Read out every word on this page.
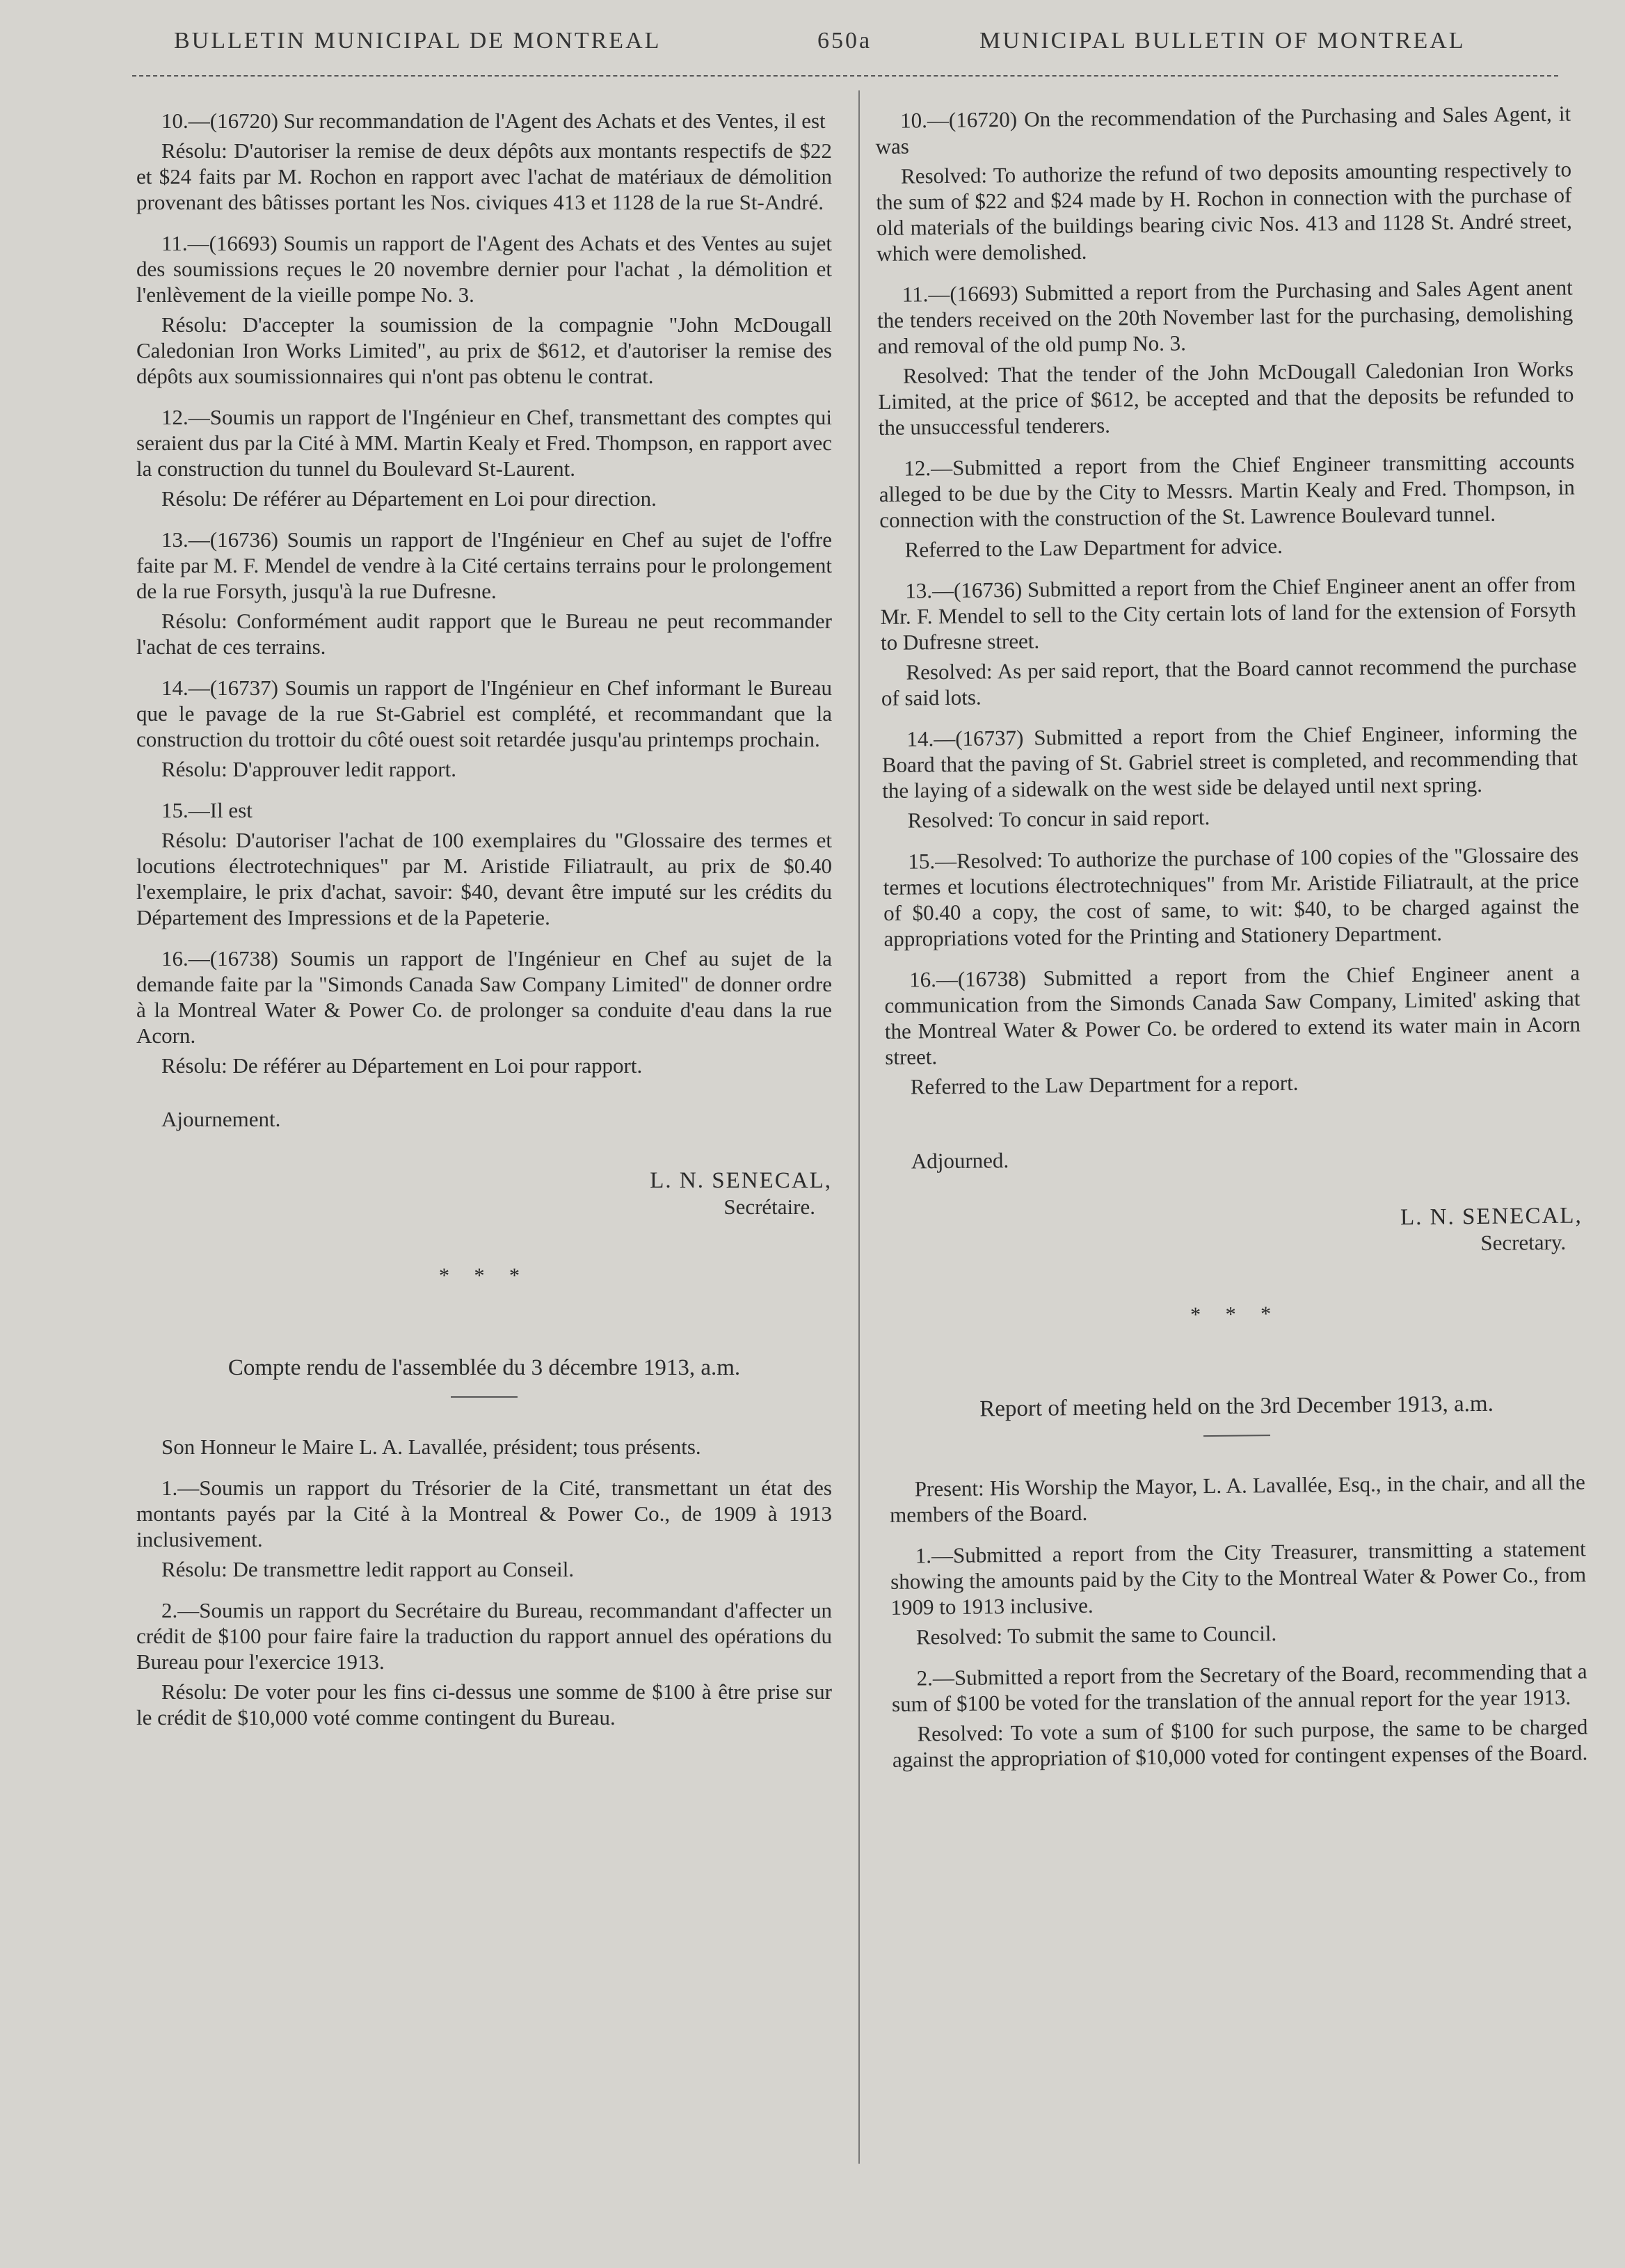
BULLETIN MUNICIPAL DE MONTREAL	650a	MUNICIPAL BULLETIN OF MONTREAL

10.—(16720) Sur recommandation de l'Agent des Achats et des Ventes, il est

Résolu: D'autoriser la remise de deux dépôts aux montants respectifs de $22 et $24 faits par M. Rochon en rapport avec l'achat de matériaux de démolition provenant des bâtisses portant les Nos. civiques 413 et 1128 de la rue St-André.

11.—(16693) Soumis un rapport de l'Agent des Achats et des Ventes au sujet des soumissions reçues le 20 novembre dernier pour l'achat , la démolition et l'enlèvement de la vieille pompe No. 3.

Résolu: D'accepter la soumission de la compagnie "John McDougall Caledonian Iron Works Limited", au prix de $612, et d'autoriser la remise des dépôts aux soumissionnaires qui n'ont pas obtenu le contrat.

12.—Soumis un rapport de l'Ingénieur en Chef, transmettant des comptes qui seraient dus par la Cité à MM. Martin Kealy et Fred. Thompson, en rapport avec la construction du tunnel du Boulevard St-Laurent.

Résolu: De référer au Département en Loi pour direction.

13.—(16736) Soumis un rapport de l'Ingénieur en Chef au sujet de l'offre faite par M. F. Mendel de vendre à la Cité certains terrains pour le prolongement de la rue Forsyth, jusqu'à la rue Dufresne.

Résolu: Conformément audit rapport que le Bureau ne peut recommander l'achat de ces terrains.

14.—(16737) Soumis un rapport de l'Ingénieur en Chef informant le Bureau que le pavage de la rue St-Gabriel est complété, et recommandant que la construction du trottoir du côté ouest soit retardée jusqu'au printemps prochain.

Résolu: D'approuver ledit rapport.

15.—Il est

Résolu: D'autoriser l'achat de 100 exemplaires du "Glossaire des termes et locutions électrotechniques" par M. Aristide Filiatrault, au prix de $0.40 l'exemplaire, le prix d'achat, savoir: $40, devant être imputé sur les crédits du Département des Impressions et de la Papeterie.

16.—(16738) Soumis un rapport de l'Ingénieur en Chef au sujet de la demande faite par la "Simonds Canada Saw Company Limited" de donner ordre à la Montreal Water & Power Co. de prolonger sa conduite d'eau dans la rue Acorn.

Résolu: De référer au Département en Loi pour rapport.

Ajournement.

L. N. SENECAL,
Secrétaire.
* * *

Compte rendu de l'assemblée du 3 décembre 1913, a.m.

Son Honneur le Maire L. A. Lavallée, président; tous présents.

1.—Soumis un rapport du Trésorier de la Cité, transmettant un état des montants payés par la Cité à la Montreal & Power Co., de 1909 à 1913 inclusivement.

Résolu: De transmettre ledit rapport au Conseil.

2.—Soumis un rapport du Secrétaire du Bureau, recommandant d'affecter un crédit de $100 pour faire faire la traduction du rapport annuel des opérations du Bureau pour l'exercice 1913.

Résolu: De voter pour les fins ci-dessus une somme de $100 à être prise sur le crédit de $10,000 voté comme contingent du Bureau.

10.—(16720) On the recommendation of the Purchasing and Sales Agent, it was

Resolved: To authorize the refund of two deposits amounting respectively to the sum of $22 and $24 made by H. Rochon in connection with the purchase of old materials of the buildings bearing civic Nos. 413 and 1128 St. André street, which were demolished.

11.—(16693) Submitted a report from the Purchasing and Sales Agent anent the tenders received on the 20th November last for the purchasing, demolishing and removal of the old pump No. 3.

Resolved: That the tender of the John McDougall Caledonian Iron Works Limited, at the price of $612, be accepted and that the deposits be refunded to the unsuccessful tenderers.

12.—Submitted a report from the Chief Engineer transmitting accounts alleged to be due by the City to Messrs. Martin Kealy and Fred. Thompson, in connection with the construction of the St. Lawrence Boulevard tunnel.

Referred to the Law Department for advice.

13.—(16736) Submitted a report from the Chief Engineer anent an offer from Mr. F. Mendel to sell to the City certain lots of land for the extension of Forsyth to Dufresne street.

Resolved: As per said report, that the Board cannot recommend the purchase of said lots.

14.—(16737) Submitted a report from the Chief Engineer, informing the Board that the paving of St. Gabriel street is completed, and recommending that the laying of a sidewalk on the west side be delayed until next spring.

Resolved: To concur in said report.

15.—Resolved: To authorize the purchase of 100 copies of the "Glossaire des termes et locutions électrotechniques" from Mr. Aristide Filiatrault, at the price of $0.40 a copy, the cost of same, to wit: $40, to be charged against the appropriations voted for the Printing and Stationery Department.

16.—(16738) Submitted a report from the Chief Engineer anent a communication from the Simonds Canada Saw Company, Limited' asking that the Montreal Water & Power Co. be ordered to extend its water main in Acorn street.

Referred to the Law Department for a report.

Adjourned.

L. N. SENECAL,
Secretary.
* * *

Report of meeting held on the 3rd December 1913, a.m.

Present: His Worship the Mayor, L. A. Lavallée, Esq., in the chair, and all the members of the Board.

1.—Submitted a report from the City Treasurer, transmitting a statement showing the amounts paid by the City to the Montreal Water & Power Co., from 1909 to 1913 inclusive.

Resolved: To submit the same to Council.

2.—Submitted a report from the Secretary of the Board, recommending that a sum of $100 be voted for the translation of the annual report for the year 1913.

Resolved: To vote a sum of $100 for such purpose, the same to be charged against the appropriation of $10,000 voted for contingent expenses of the Board.
